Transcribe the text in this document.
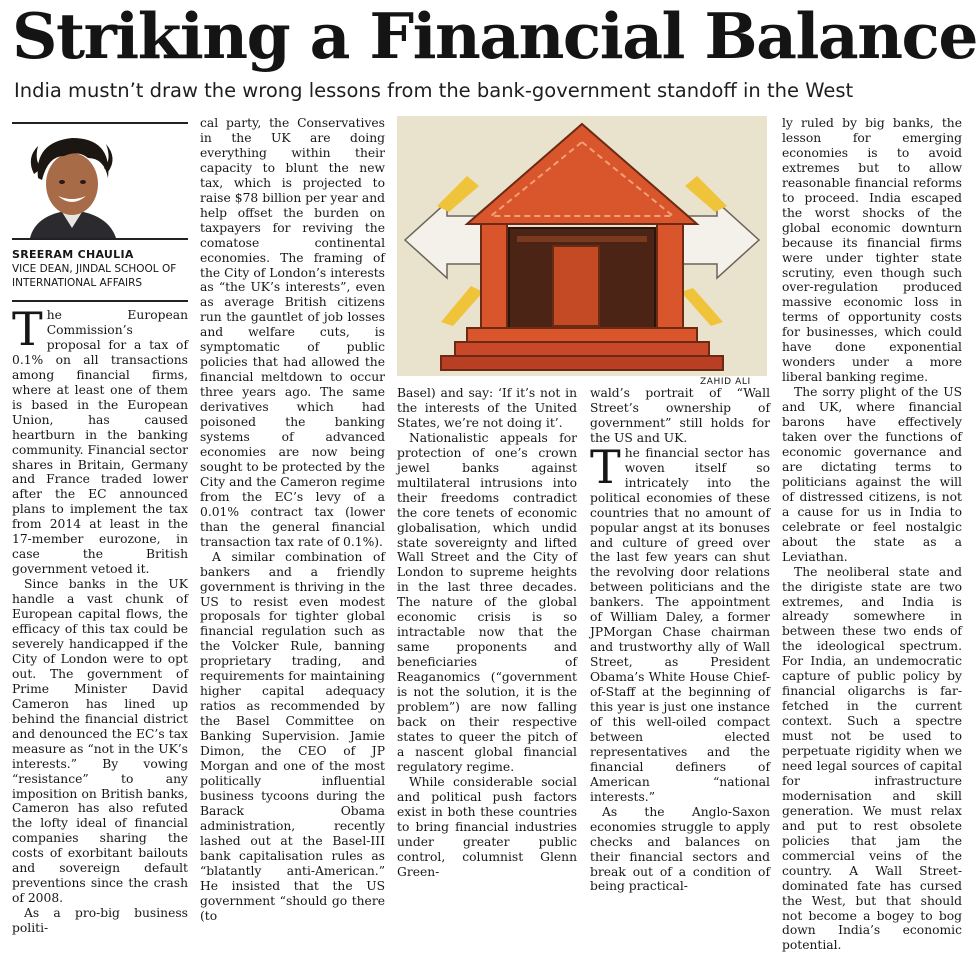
Striking a Financial Balance

India mustn’t draw the wrong lessons from the bank-government standoff in the West

SREERAM CHAULIA
VICE DEAN, JINDAL SCHOOL OF INTERNATIONAL AFFAIRS

The European Commission’s proposal for a tax of 0.1% on all transactions among financial firms, where at least one of them is based in the European Union, has caused heartburn in the banking community. Financial sector shares in Britain, Germany and France traded lower after the EC announced plans to implement the tax from 2014 at least in the 17-member eurozone, in case the British government vetoed it.

Since banks in the UK handle a vast chunk of European capital flows, the efficacy of this tax could be severely handicapped if the City of London were to opt out. The government of Prime Minister David Cameron has lined up behind the financial district and denounced the EC’s tax measure as “not in the UK’s interests.” By vowing “resistance” to any imposition on British banks, Cameron has also refuted the lofty ideal of financial companies sharing the costs of exorbitant bailouts and sovereign default preventions since the crash of 2008.

As a pro-big business politi-

cal party, the Conservatives in the UK are doing everything within their capacity to blunt the new tax, which is projected to raise $78 billion per year and help offset the burden on taxpayers for reviving the comatose continental economies. The framing of the City of London’s interests as “the UK’s interests”, even as average British citizens run the gauntlet of job losses and welfare cuts, is symptomatic of public policies that had allowed the financial meltdown to occur three years ago. The same derivatives which had poisoned the banking systems of advanced economies are now being sought to be protected by the City and the Cameron regime from the EC’s levy of a 0.01% contract tax (lower than the general financial transaction tax rate of 0.1%).

A similar combination of bankers and a friendly government is thriving in the US to resist even modest proposals for tighter global financial regulation such as the Volcker Rule, banning proprietary trading, and requirements for maintaining higher capital adequacy ratios as recommended by the Basel Committee on Banking Supervision. Jamie Dimon, the CEO of JP Morgan and one of the most politically influential business tycoons during the Barack Obama administration, recently lashed out at the Basel-III bank capitalisation rules as “blatantly anti-American.” He insisted that the US government “should go there (to

ZAHID ALI

Basel) and say: ‘If it’s not in the interests of the United States, we’re not doing it’.

Nationalistic appeals for protection of one’s crown jewel banks against multilateral intrusions into their freedoms contradict the core tenets of economic globalisation, which undid state sovereignty and lifted Wall Street and the City of London to supreme heights in the last three decades. The nature of the global economic crisis is so intractable now that the same proponents and beneficiaries of Reaganomics (“government is not the solution, it is the problem”) are now falling back on their respective states to queer the pitch of a nascent global financial regulatory regime.

While considerable social and political push factors exist in both these countries to bring financial industries under greater public control, columnist Glenn Green-

wald’s portrait of “Wall Street’s ownership of government” still holds for the US and UK.

The financial sector has woven itself so intricately into the political economies of these countries that no amount of popular angst at its bonuses and culture of greed over the last few years can shut the revolving door relations between politicians and the bankers. The appointment of William Daley, a former JPMorgan Chase chairman and trustworthy ally of Wall Street, as President Obama’s White House Chief-of-Staff at the beginning of this year is just one instance of this well-oiled compact between elected representatives and the financial definers of American “national interests.”

As the Anglo-Saxon economies struggle to apply checks and balances on their financial sectors and break out of a condition of being practical-

ly ruled by big banks, the lesson for emerging economies is to avoid extremes but to allow reasonable financial reforms to proceed. India escaped the worst shocks of the global economic downturn because its financial firms were under tighter state scrutiny, even though such over-regulation produced massive economic loss in terms of opportunity costs for businesses, which could have done exponential wonders under a more liberal banking regime.

The sorry plight of the US and UK, where financial barons have effectively taken over the functions of economic governance and are dictating terms to politicians against the will of distressed citizens, is not a cause for us in India to celebrate or feel nostalgic about the state as a Leviathan.

The neoliberal state and the dirigiste state are two extremes, and India is already somewhere in between these two ends of the ideological spectrum. For India, an undemocratic capture of public policy by financial oligarchs is far-fetched in the current context. Such a spectre must not be used to perpetuate rigidity when we need legal sources of capital for infrastructure modernisation and skill generation. We must relax and put to rest obsolete policies that jam the commercial veins of the country. A Wall Street-dominated fate has cursed the West, but that should not become a bogey to bog down India’s economic potential.
